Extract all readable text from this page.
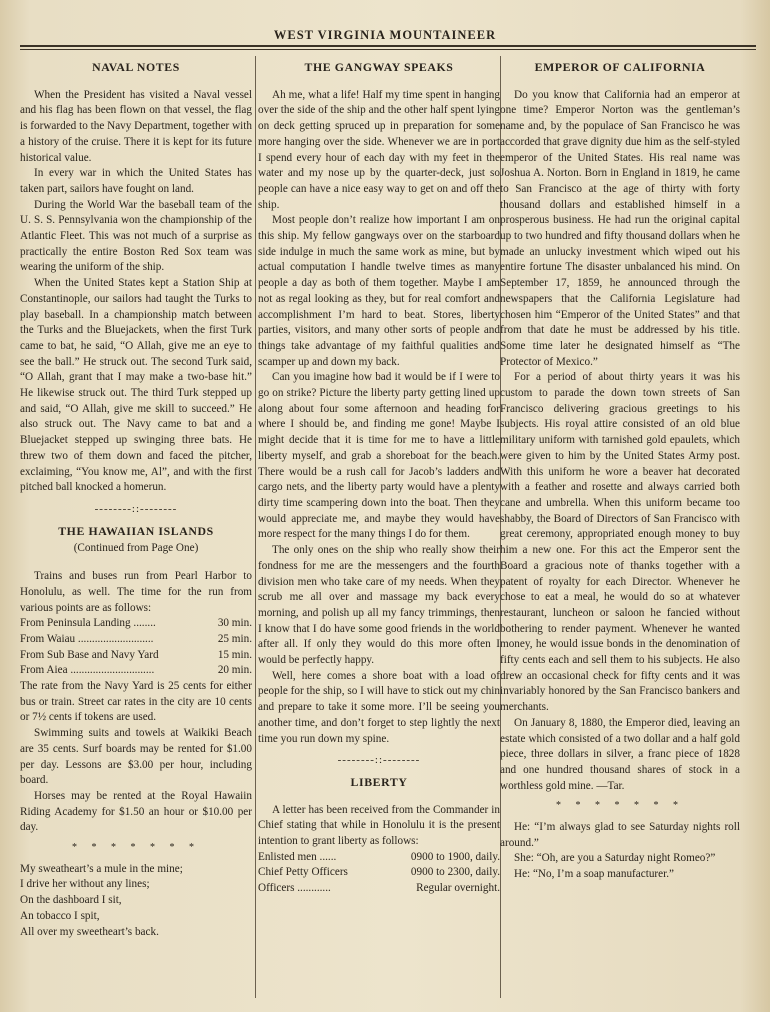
WEST VIRGINIA MOUNTAINEER
NAVAL NOTES

When the President has visited a Naval vessel and his flag has been flown on that vessel, the flag is forwarded to the Navy Department, together with a history of the cruise. There it is kept for its future historical value.

In every war in which the United States has taken part, sailors have fought on land.

During the World War the baseball team of the U. S. S. Pennsylvania won the championship of the Atlantic Fleet. This was not much of a surprise as practically the entire Boston Red Sox team was wearing the uniform of the ship.

When the United States kept a Station Ship at Constantinople, our sailors had taught the Turks to play baseball. In a championship match between the Turks and the Bluejackets, when the first Turk came to bat, he said, “O Allah, give me an eye to see the ball.” He struck out. The second Turk said, “O Allah, grant that I may make a two-base hit.” He likewise struck out. The third Turk stepped up and said, “O Allah, give me skill to succeed.” He also struck out. The Navy came to bat and a Bluejacket stepped up swinging three bats. He threw two of them down and faced the pitcher, exclaiming, “You know me, Al”, and with the first pitched ball knocked a homerun.

--------::--------
THE HAWAIIAN ISLANDS
(Continued from Page One)

Trains and buses run from Pearl Harbor to Honolulu, as well. The time for the run from various points are as follows:

From Peninsula Landing ........	30 min.
From Waiau ...........................	25 min.
From Sub Base and Navy Yard	15 min.
From Aiea ..............................	20 min.

The rate from the Navy Yard is 25 cents for either bus or train. Street car rates in the city are 10 cents or 7½ cents if tokens are used.

Swimming suits and towels at Waikiki Beach are 35 cents. Surf boards may be rented for $1.00 per day. Lessons are $3.00 per hour, including board.

Horses may be rented at the Royal Hawaiin Riding Academy for $1.50 an hour or $10.00 per day.

* * * * * * *
My sweatheart’s a mule in the mine;
I drive her without any lines;
On the dashboard I sit,
An tobacco I spit,
All over my sweetheart’s back.
THE GANGWAY SPEAKS

Ah me, what a life! Half my time spent in hanging over the side of the ship and the other half spent lying on deck getting spruced up in preparation for some more hanging over the side. Whenever we are in port I spend every hour of each day with my feet in the water and my nose up by the quarter-deck, just so people can have a nice easy way to get on and off the ship.

Most people don’t realize how important I am on this ship. My fellow gangways over on the starboard side indulge in much the same work as mine, but by actual computation I handle twelve times as many people a day as both of them together. Maybe I am not as regal looking as they, but for real comfort and accomplishment I’m hard to beat. Stores, liberty parties, visitors, and many other sorts of people and things take advantage of my faithful qualities and scamper up and down my back.

Can you imagine how bad it would be if I were to go on strike? Picture the liberty party getting lined up along about four some afternoon and heading for where I should be, and finding me gone! Maybe I might decide that it is time for me to have a little liberty myself, and grab a shoreboat for the beach. There would be a rush call for Jacob’s ladders and cargo nets, and the liberty party would have a plenty dirty time scampering down into the boat. Then they would appreciate me, and maybe they would have more respect for the many things I do for them.

The only ones on the ship who really show their fondness for me are the messengers and the fourth division men who take care of my needs. When they scrub me all over and massage my back every morning, and polish up all my fancy trimmings, then I know that I do have some good friends in the world after all. If only they would do this more often I would be perfectly happy.

Well, here comes a shore boat with a load of people for the ship, so I will have to stick out my chin and prepare to take it some more. I’ll be seeing you another time, and don’t forget to step lightly the next time you run down my spine.

--------::--------
LIBERTY

A letter has been received from the Commander in Chief stating that while in Honolulu it is the present intention to grant liberty as follows:

Enlisted men ......	0900 to 1900, daily.
Chief Petty Officers	0900 to 2300, daily.
Officers ............	Regular overnight.
EMPEROR OF CALIFORNIA

Do you know that California had an emperor at one time? Emperor Norton was the gentleman’s name and, by the populace of San Francisco he was accorded that grave dignity due him as the self-styled emperor of the United States. His real name was Joshua A. Norton. Born in England in 1819, he came to San Francisco at the age of thirty with forty thousand dollars and established himself in a prosperous business. He had run the original capital up to two hundred and fifty thousand dollars when he made an unlucky investment which wiped out his entire fortune The disaster unbalanced his mind. On September 17, 1859, he announced through the newspapers that the California Legislature had chosen him “Emperor of the United States” and that from that date he must be addressed by his title. Some time later he designated himself as “The Protector of Mexico.”

For a period of about thirty years it was his custom to parade the down town streets of San Francisco delivering gracious greetings to his subjects. His royal attire consisted of an old blue military uniform with tarnished gold epaulets, which were given to him by the United States Army post. With this uniform he wore a beaver hat decorated with a feather and rosette and always carried both cane and umbrella. When this uniform became too shabby, the Board of Directors of San Francisco with great ceremony, appropriated enough money to buy him a new one. For this act the Emperor sent the Board a gracious note of thanks together with a patent of royalty for each Director. Whenever he chose to eat a meal, he would do so at whatever restaurant, luncheon or saloon he fancied without bothering to render payment. Whenever he wanted money, he would issue bonds in the denomination of fifty cents each and sell them to his subjects. He also drew an occasional check for fifty cents and it was invariably honored by the San Francisco bankers and merchants.

On January 8, 1880, the Emperor died, leaving an estate which consisted of a two dollar and a half gold piece, three dollars in silver, a franc piece of 1828 and one hundred thousand shares of stock in a worthless gold mine. —Tar.

* * * * * * *

He: “I’m always glad to see Saturday nights roll around.”

She: “Oh, are you a Saturday night Romeo?”

He: “No, I’m a soap manufacturer.”
